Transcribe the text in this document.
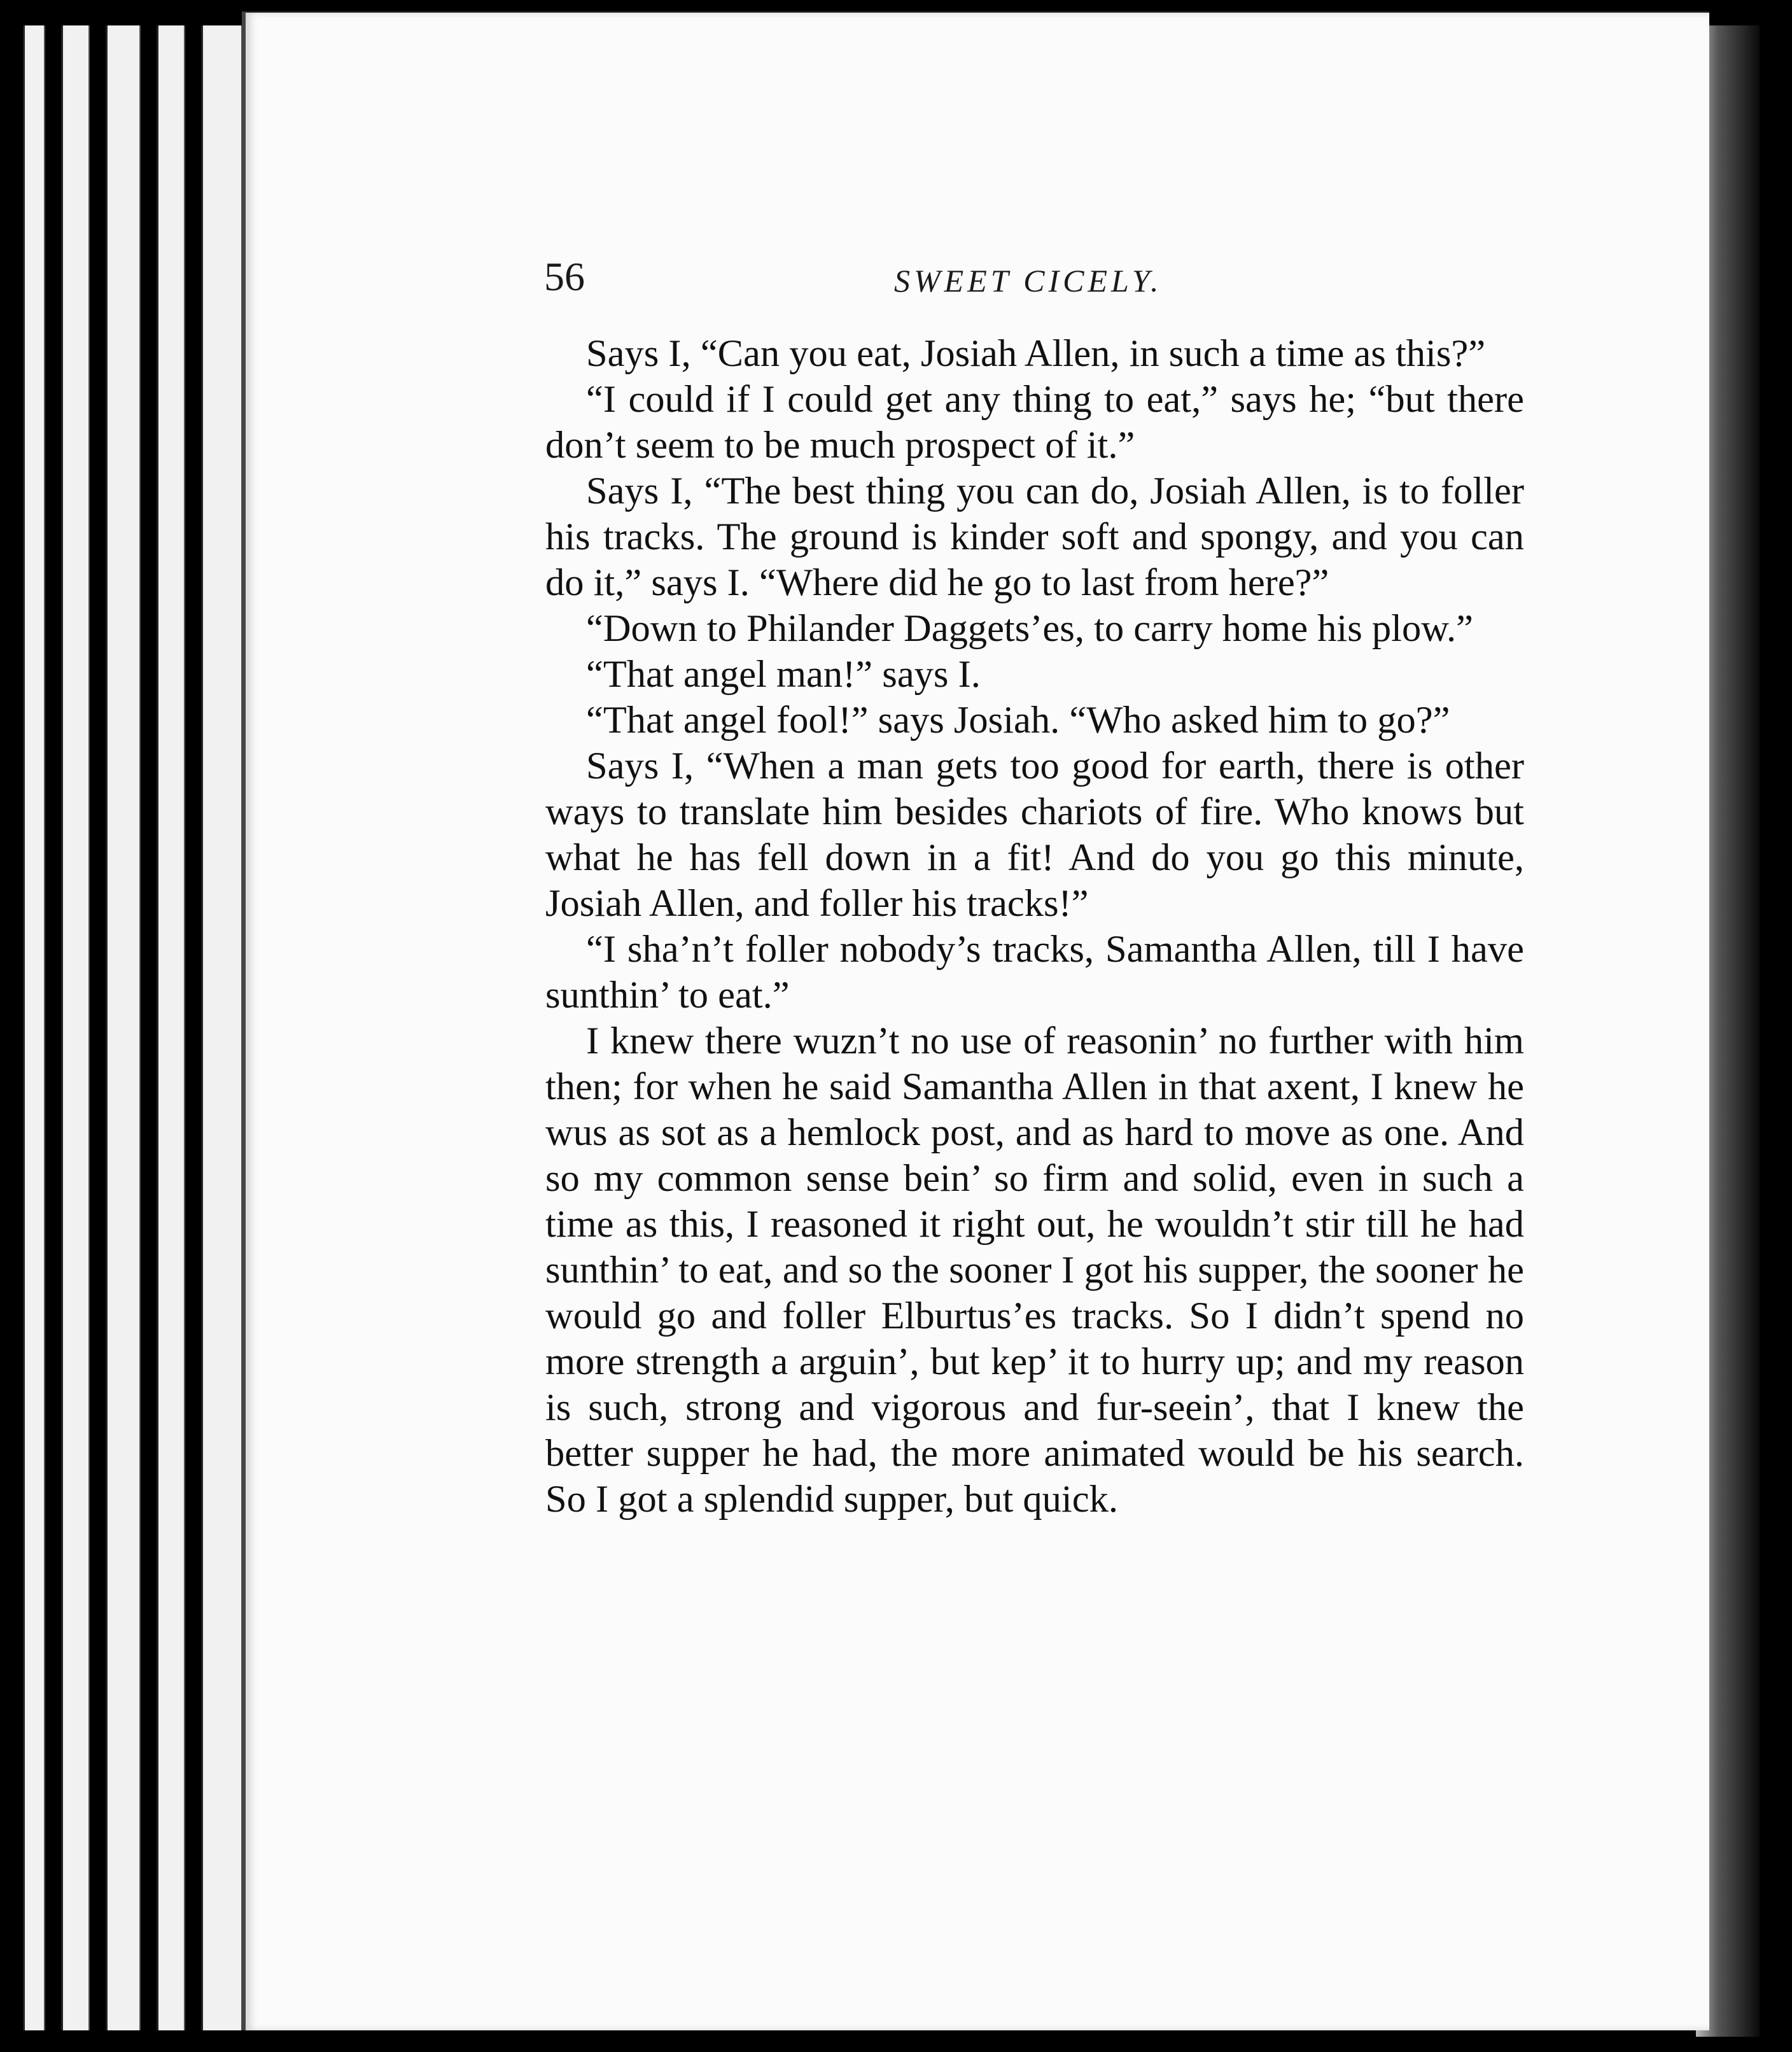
56	SWEET CICELY.

Says I, “Can you eat, Josiah Allen, in such a time as this?”

“I could if I could get any thing to eat,” says he; “but there don’t seem to be much prospect of it.”

Says I, “The best thing you can do, Josiah Allen, is to foller his tracks. The ground is kinder soft and spongy, and you can do it,” says I. “Where did he go to last from here?”

“Down to Philander Daggets’es, to carry home his plow.”

“That angel man!” says I.

“That angel fool!” says Josiah. “Who asked him to go?”

Says I, “When a man gets too good for earth, there is other ways to translate him besides chariots of fire. Who knows but what he has fell down in a fit! And do you go this minute, Josiah Allen, and foller his tracks!”

“I sha’n’t foller nobody’s tracks, Samantha Allen, till I have sunthin’ to eat.”

I knew there wuzn’t no use of reasonin’ no further with him then; for when he said Samantha Allen in that axent, I knew he wus as sot as a hemlock post, and as hard to move as one. And so my common sense bein’ so firm and solid, even in such a time as this, I reasoned it right out, he wouldn’t stir till he had sunthin’ to eat, and so the sooner I got his supper, the sooner he would go and foller Elburtus’es tracks. So I didn’t spend no more strength a arguin’, but kep’ it to hurry up; and my reason is such, strong and vigorous and fur-seein’, that I knew the better supper he had, the more animated would be his search. So I got a splendid supper, but quick.
